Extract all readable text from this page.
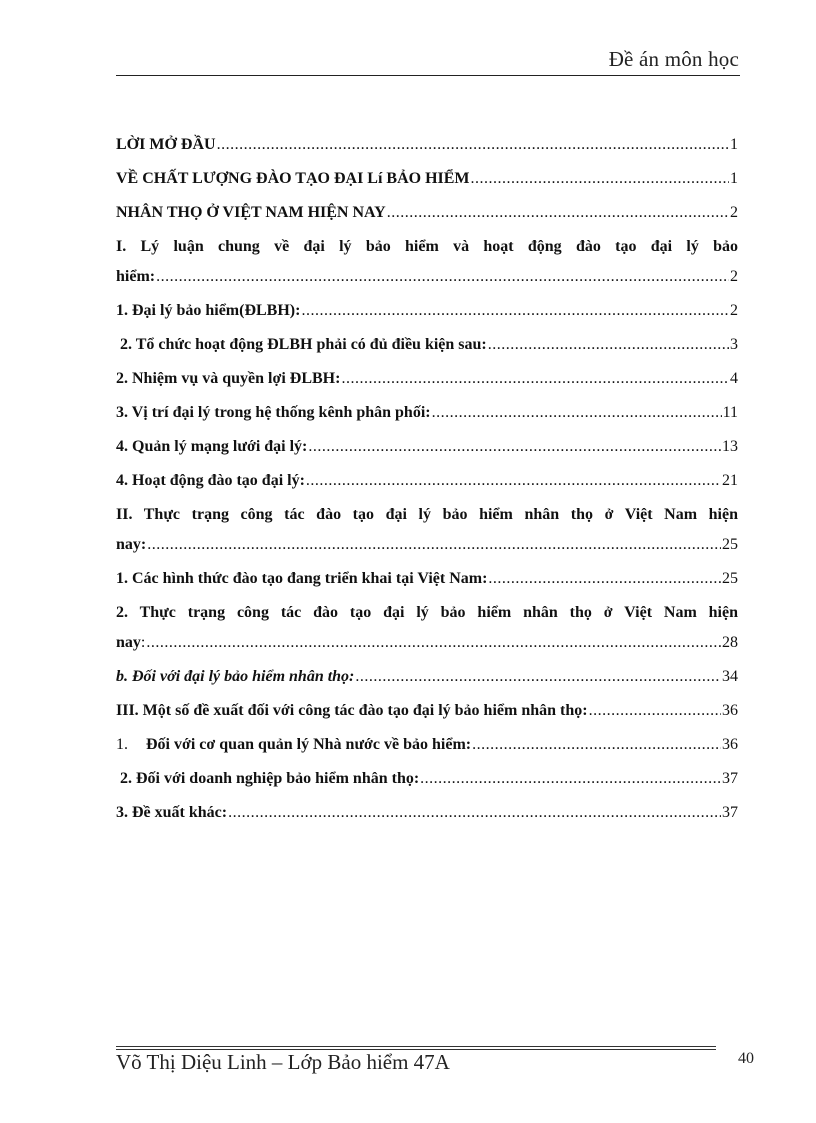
Đề án môn học
LỜI MỞ ĐẦU .....	1
VỀ CHẤT LƯỢNG ĐÀO TẠO ĐẠI Lí BẢO HIỂM .....	1
NHÂN THỌ Ở VIỆT NAM HIỆN NAY .....	2
I. Lý luận chung về đại lý bảo hiểm và hoạt động đào tạo đại lý bảo
hiểm: .....	2
1. Đại lý bảo hiểm(ĐLBH): .....	2
2. Tổ chức hoạt động ĐLBH phải có đủ điều kiện sau: .....	3
2. Nhiệm vụ và quyền lợi ĐLBH: .....	4
3. Vị trí đại lý trong hệ thống kênh phân phối: .....	11
4. Quản lý mạng lưới đại lý: .....	13
4. Hoạt động đào tạo đại lý: .....	21
II. Thực trạng công tác đào tạo đại lý bảo hiểm nhân thọ ở Việt Nam hiện
nay: .....	25
1. Các hình thức đào tạo đang triển khai tại Việt Nam: .....	25
2. Thực trạng công tác đào tạo đại lý bảo hiểm nhân thọ ở Việt Nam hiện
nay: .....	28
b. Đối với đại lý bảo hiểm nhân thọ: .....	34
III. Một số đề xuất đối với công tác đào tạo đại lý bảo hiểm nhân thọ: .....	36
1. Đối với cơ quan quản lý Nhà nước về bảo hiểm: .....	36
2. Đối với doanh nghiệp bảo hiểm nhân thọ: .....	37
3. Đề xuất khác: .....	37
Võ Thị Diệu Linh – Lớp Bảo hiểm 47A	40
